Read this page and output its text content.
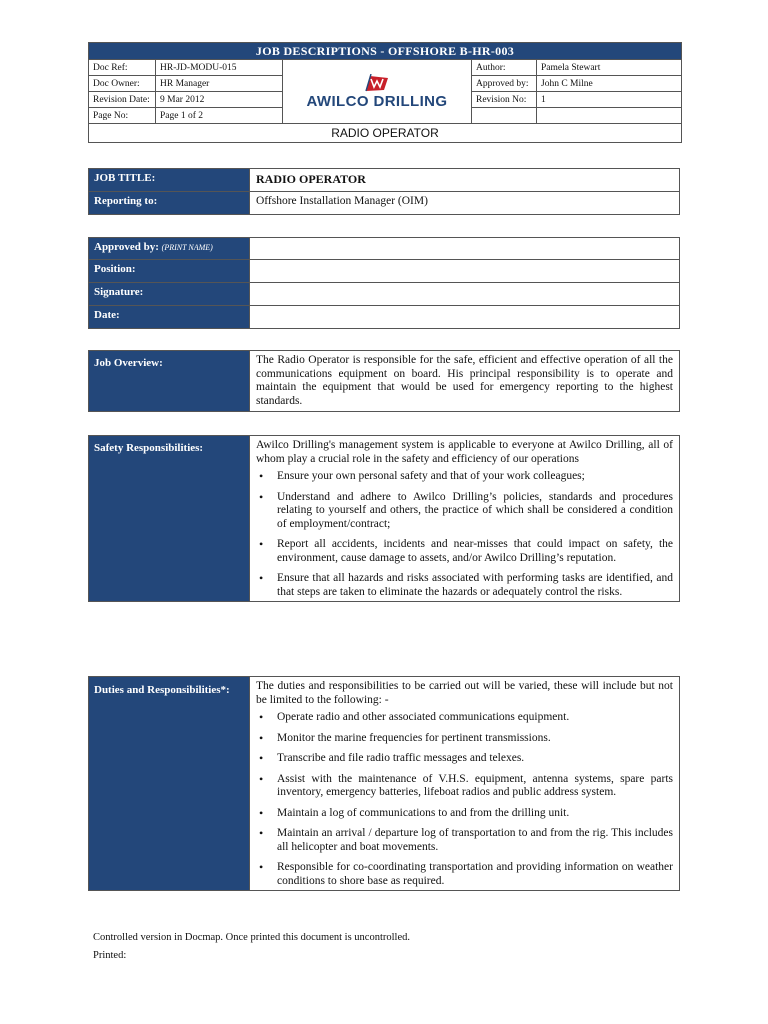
JOB DESCRIPTIONS - OFFSHORE B-HR-003				
Doc Ref:	HR-JD-MODU-015	AWILCO DRILLING	Author:	Pamela Stewart
Doc Owner:	HR Manager		Approved by:	John C Milne
Revision Date:	9 Mar 2012		Revision No:	1
Page No:	Page 1 of 2			
RADIO OPERATOR				
JOB TITLE:	RADIO OPERATOR
Reporting to:	Offshore Installation Manager (OIM)
Approved by: (PRINT NAME)	
Position:	
Signature:	
Date:	
Job Overview:	The Radio Operator is responsible for the safe, efficient and effective operation of all the communications equipment on board. His principal responsibility is to operate and maintain the equipment that would be used for emergency reporting to the highest standards.
Safety Responsibilities:	Awilco Drilling's management system is applicable to everyone at Awilco Drilling, all of whom play a crucial role in the safety and efficiency of our operations
• Ensure your own personal safety and that of your work colleagues;
• Understand and adhere to Awilco Drilling’s policies, standards and procedures relating to yourself and others, the practice of which shall be considered a condition of employment/contract;
• Report all accidents, incidents and near-misses that could impact on safety, the environment, cause damage to assets, and/or Awilco Drilling’s reputation.
• Ensure that all hazards and risks associated with performing tasks are identified, and that steps are taken to eliminate the hazards or adequately control the risks.
Duties and Responsibilities*:	The duties and responsibilities to be carried out will be varied, these will include but not be limited to the following: -
• Operate radio and other associated communications equipment.
• Monitor the marine frequencies for pertinent transmissions.
• Transcribe and file radio traffic messages and telexes.
• Assist with the maintenance of V.H.S. equipment, antenna systems, spare parts inventory, emergency batteries, lifeboat radios and public address system.
• Maintain a log of communications to and from the drilling unit.
• Maintain an arrival / departure log of transportation to and from the rig. This includes all helicopter and boat movements.
• Responsible for co-coordinating transportation and providing information on weather conditions to shore base as required.
Controlled version in Docmap. Once printed this document is uncontrolled.
Printed:
